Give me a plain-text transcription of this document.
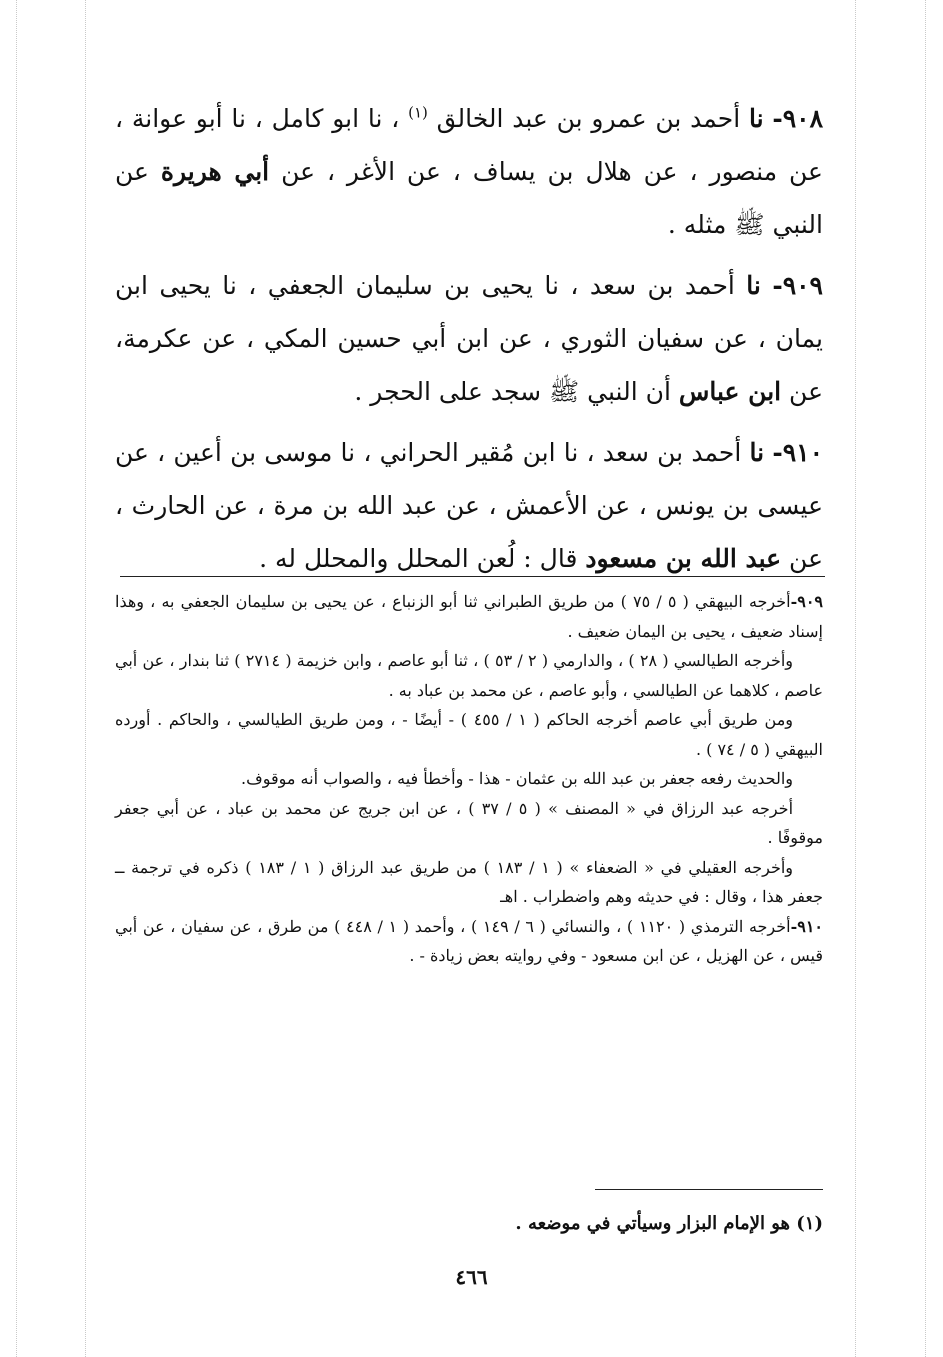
٩٠٨- نا أحمد بن عمرو بن عبد الخالق $^{(١)}$ ، نا ابو كامل ، نا أبو عوانة ، عن منصور ، عن هلال بن يساف ، عن الأغر ، عن أبي هريرة عن النبي ﷺ مثله .

٩٠٩- نا أحمد بن سعد ، نا يحيى بن سليمان الجعفي ، نا يحيى ابن يمان ، عن سفيان الثوري ، عن ابن أبي حسين المكي ، عن عكرمة، عن ابن عباس أن النبي ﷺ سجد على الحجر .

٩١٠- نا أحمد بن سعد ، نا ابن مُقير الحراني ، نا موسى بن أعين ، عن عيسى بن يونس ، عن الأعمش ، عن عبد الله بن مرة ، عن الحارث ، عن عبد الله بن مسعود قال : لُعن المحلل والمحلل له .

٩٠٩-أخرجه البيهقي ( ٥ / ٧٥ ) من طريق الطبراني ثنا أبو الزنباع ، عن يحيى بن سليمان الجعفي به ، وهذا إسناد ضعيف ، يحيى بن اليمان ضعيف .

وأخرجه الطيالسي ( ٢٨ ) ، والدارمي ( ٢ / ٥٣ ) ، ثنا أبو عاصم ، وابن خزيمة ( ٢٧١٤ ) ثنا بندار ، عن أبي عاصم ، كلاهما عن الطيالسي ، وأبو عاصم ، عن محمد بن عباد به .

ومن طريق أبي عاصم أخرجه الحاكم ( ١ / ٤٥٥ ) - أيضًا - ، ومن طريق الطيالسي ، والحاكم . أورده البيهقي ( ٥ / ٧٤ ) .

والحديث رفعه جعفر بن عبد الله بن عثمان - هذا - وأخطأ فيه ، والصواب أنه موقوف.

أخرجه عبد الرزاق في « المصنف » ( ٥ / ٣٧ ) ، عن ابن جريج عن محمد بن عباد ، عن أبي جعفر موقوفًا .

وأخرجه العقيلي في « الضعفاء » ( ١ / ١٨٣ ) من طريق عبد الرزاق ( ١ / ١٨٣ ) ذكره في ترجمة ــ جعفر هذا ، وقال : في حديثه وهم واضطراب . اهـ

٩١٠-أخرجه الترمذي ( ١١٢٠ ) ، والنسائي ( ٦ / ١٤٩ ) ، وأحمد ( ١ / ٤٤٨ ) من طرق ، عن سفيان ، عن أبي قيس ، عن الهزيل ، عن ابن مسعود - وفي روايته بعض زيادة - .

(١) هو الإمام البزار وسيأتي في موضعه .
٤٦٦
